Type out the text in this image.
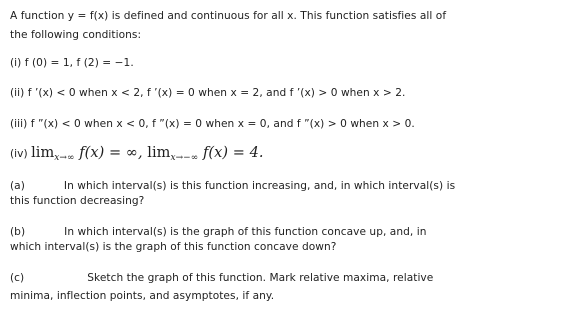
A function y = f(x) is defined and continuous for all x. This function satisfies all of
the following conditions:
(i) f (0) = 1, f (2) = −1.
(ii) f ’(x) < 0 when x < 2, f ’(x) = 0 when x = 2, and f ’(x) > 0 when x > 2.
(iii) f ”(x) < 0 when x < 0, f ”(x) = 0 when x = 0, and f ”(x) > 0 when x > 0.
(iv) $\lim_{x\to\infty} f(x)$ = ∞, $\lim_{x\to-\infty} f(x) = 4$.
(a)	In which interval(s) is this function increasing, and, in which interval(s) is
this function decreasing?
(b)	In which interval(s) is the graph of this function concave up, and, in
which interval(s) is the graph of this function concave down?
(c)	Sketch the graph of this function. Mark relative maxima, relative
minima, inflection points, and asymptotes, if any.
